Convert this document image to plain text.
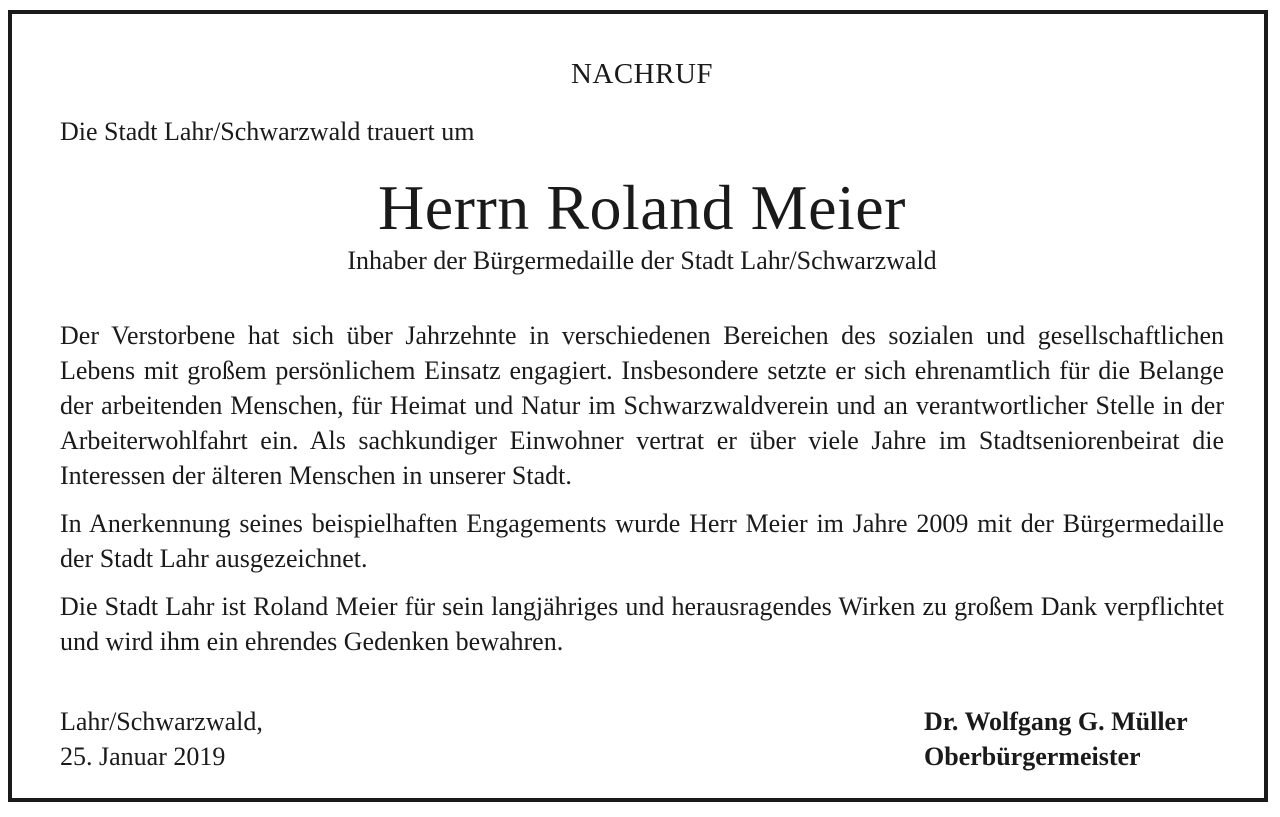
NACHRUF
Die Stadt Lahr/Schwarzwald trauert um
Herrn Roland Meier
Inhaber der Bürgermedaille der Stadt Lahr/Schwarzwald

Der Verstorbene hat sich über Jahrzehnte in verschiedenen Bereichen des sozialen und gesellschaftlichen Lebens mit großem persönlichem Einsatz engagiert. Insbesondere setzte er sich ehrenamtlich für die Belange der arbeitenden Menschen, für Heimat und Natur im Schwarzwaldverein und an verantwortlicher Stelle in der Arbeiterwohlfahrt ein. Als sachkundiger Einwohner vertrat er über viele Jahre im Stadtseniorenbeirat die Interessen der älteren Menschen in unserer Stadt.

In Anerkennung seines beispielhaften Engagements wurde Herr Meier im Jahre 2009 mit der Bürgermedaille der Stadt Lahr ausgezeichnet.

Die Stadt Lahr ist Roland Meier für sein langjähriges und herausragendes Wirken zu großem Dank verpflichtet und wird ihm ein ehrendes Gedenken bewahren.

Lahr/Schwarzwald,
25. Januar 2019
Dr. Wolfgang G. Müller
Oberbürgermeister
